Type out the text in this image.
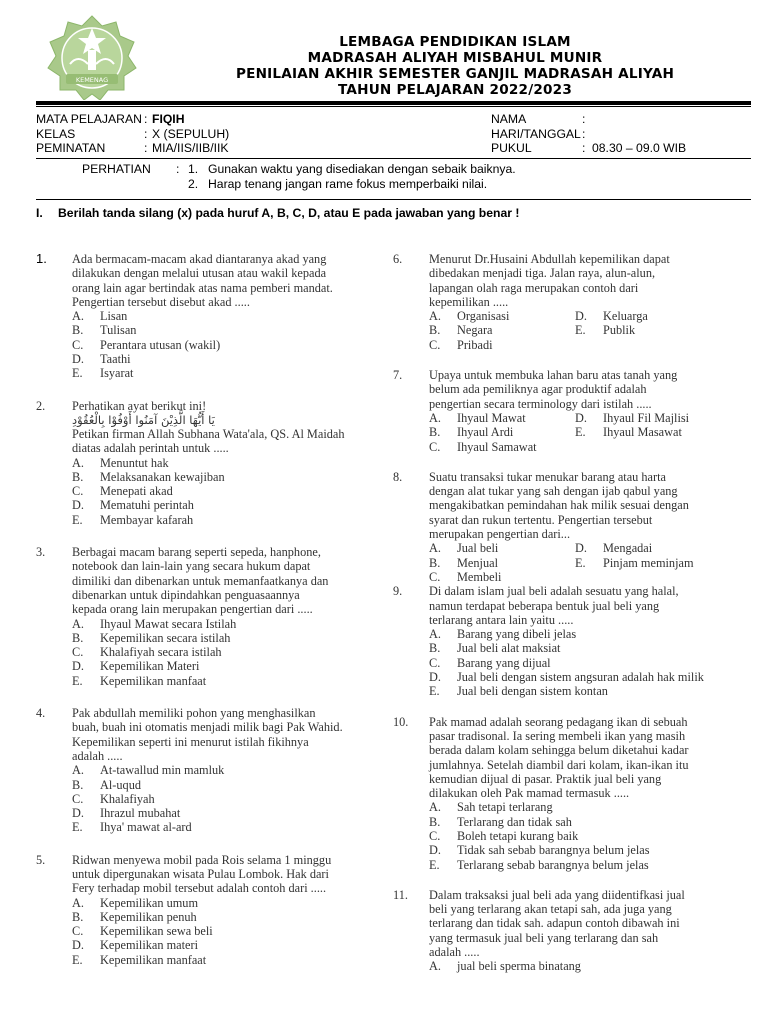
KEMENAG
LEMBAGA PENDIDIKAN ISLAM
MADRASAH ALIYAH MISBAHUL MUNIR
PENILAIAN AKHIR SEMESTER GANJIL MADRASAH ALIYAH
TAHUN PELAJARAN 2022/2023
MATA PELAJARAN : FIQIH
KELAS	: X (SEPULUH)
PEMINATAN	: MIA/IIS/IIB/IIK
NAMA	:
HARI/TANGGAL :
PUKUL	: 08.30 – 09.0 WIB
PERHATIAN	: 1. Gunakan waktu yang disediakan dengan sebaik baiknya.
2. Harap tenang jangan rame fokus memperbaiki nilai.
I. Berilah tanda silang (x) pada huruf A, B, C, D, atau E pada jawaban yang benar !
1. Ada bermacam-macam akad diantaranya akad yang
dilakukan dengan melalui utusan atau wakil kepada
orang lain agar bertindak atas nama pemberi mandat.
Pengertian tersebut disebut akad .....
A.	Lisan
B.	Tulisan
C.	Perantara utusan (wakil)
D.	Taathi
E.	Isyarat
2. Perhatikan ayat berikut ini!
يَا أَيُّهَا الَّذِيْنَ آمَنُوا أَوْفُوْا بِالْعُقُوْدِ
Petikan firman Allah Subhana Wata'ala, QS. Al Maidah
diatas adalah perintah untuk .....
A.	Menuntut hak
B.	Melaksanakan kewajiban
C.	Menepati akad
D.	Mematuhi perintah
E.	Membayar kafarah
3. Berbagai macam barang seperti sepeda, hanphone,
notebook dan lain-lain yang secara hukum dapat
dimiliki dan dibenarkan untuk memanfaatkanya dan
dibenarkan untuk dipindahkan penguasaannya
kepada orang lain merupakan pengertian dari .....
A.	Ihyaul Mawat secara Istilah
B.	Kepemilikan secara istilah
C.	Khalafiyah secara istilah
D.	Kepemilikan Materi
E.	Kepemilikan manfaat
4. Pak abdullah memiliki pohon yang menghasilkan
buah, buah ini otomatis menjadi milik bagi Pak Wahid.
Kepemilikan seperti ini menurut istilah fikihnya
adalah .....
A.	At-tawallud min mamluk
B.	Al-uqud
C.	Khalafiyah
D.	Ihrazul mubahat
E.	Ihya' mawat al-ard
5. Ridwan menyewa mobil pada Rois selama 1 minggu
untuk dipergunakan wisata Pulau Lombok. Hak dari
Fery terhadap mobil tersebut adalah contoh dari .....
A.	Kepemilikan umum
B.	Kepemilikan penuh
C.	Kepemilikan sewa beli
D.	Kepemilikan materi
E.	Kepemilikan manfaat
6. Menurut Dr.Husaini Abdullah kepemilikan dapat
dibedakan menjadi tiga. Jalan raya, alun-alun,
lapangan olah raga merupakan contoh dari
kepemilikan .....
A.	Organisasi	D.	Keluarga
B.	Negara	E.	Publik
C.	Pribadi
7. Upaya untuk membuka lahan baru atas tanah yang
belum ada pemiliknya agar produktif adalah
pengertian secara terminology dari istilah .....
A.	Ihyaul Mawat	D.	Ihyaul Fil Majlisi
B.	Ihyaul Ardi	E.	Ihyaul Masawat
C.	Ihyaul Samawat
8. Suatu transaksi tukar menukar barang atau harta
dengan alat tukar yang sah dengan ijab qabul yang
mengakibatkan pemindahan hak milik sesuai dengan
syarat dan rukun tertentu. Pengertian tersebut
merupakan pengertian dari...
A.	Jual beli	D.	Mengadai
B.	Menjual	E.	Pinjam meminjam
C.	Membeli
9. Di dalam islam jual beli adalah sesuatu yang halal,
namun terdapat beberapa bentuk jual beli yang
terlarang antara lain yaitu .....
A.	Barang yang dibeli jelas
B.	Jual beli alat maksiat
C.	Barang yang dijual
D.	Jual beli dengan sistem angsuran adalah hak milik
E.	Jual beli dengan sistem kontan
10. Pak mamad adalah seorang pedagang ikan di sebuah
pasar tradisonal. Ia sering membeli ikan yang masih
berada dalam kolam sehingga belum diketahui kadar
jumlahnya. Setelah diambil dari kolam, ikan-ikan itu
kemudian dijual di pasar. Praktik jual beli yang
dilakukan oleh Pak mamad termasuk .....
A.	Sah tetapi terlarang
B.	Terlarang dan tidak sah
C.	Boleh tetapi kurang baik
D.	Tidak sah sebab barangnya belum jelas
E.	Terlarang sebab barangnya belum jelas
11. Dalam traksaksi jual beli ada yang diidentifkasi jual
beli yang terlarang akan tetapi sah, ada juga yang
terlarang dan tidak sah. adapun contoh dibawah ini
yang termasuk jual beli yang terlarang dan sah
adalah .....
A.	jual beli sperma binatang
